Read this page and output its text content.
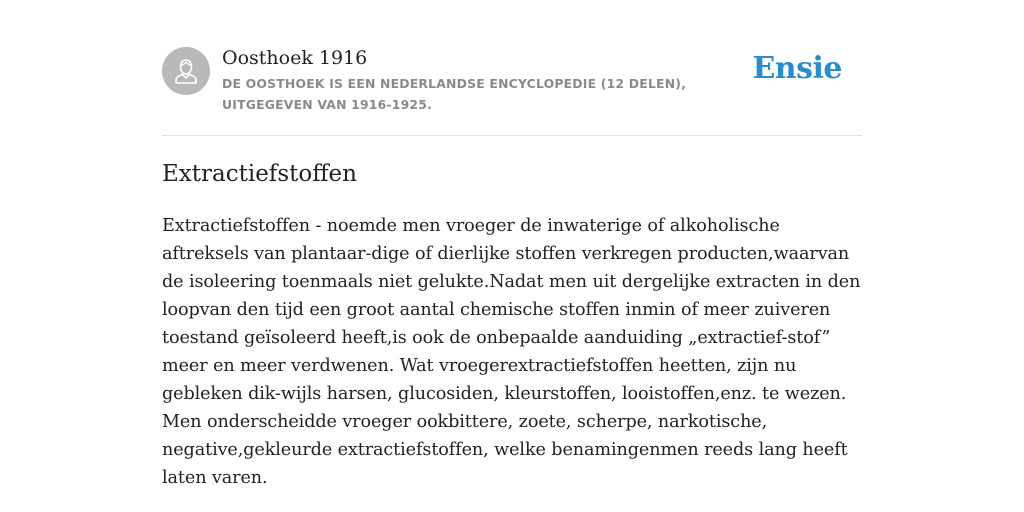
Oosthoek 1916
DE OOSTHOEK IS EEN NEDERLANDSE ENCYCLOPEDIE (12 DELEN), UITGEGEVEN VAN 1916-1925.
Ensie
Extractiefstoffen

Extractiefstoffen - noemde men vroeger de inwaterige of alkoholische aftreksels van plantaar-dige of dierlijke stoffen verkregen producten,waarvan de isoleering toenmaals niet gelukte.Nadat men uit dergelijke extracten in den loopvan den tijd een groot aantal chemische stoffen inmin of meer zuiveren toestand geïsoleerd heeft,is ook de onbepaalde aanduiding „extractief-stof” meer en meer verdwenen. Wat vroegerextractiefstoffen heetten, zijn nu gebleken dik-wijls harsen, glucosiden, kleurstoffen, looistoffen,enz. te wezen. Men onderscheidde vroeger ookbittere, zoete, scherpe, narkotische, negative,gekleurde extractiefstoffen, welke benamingenmen reeds lang heeft laten varen.
